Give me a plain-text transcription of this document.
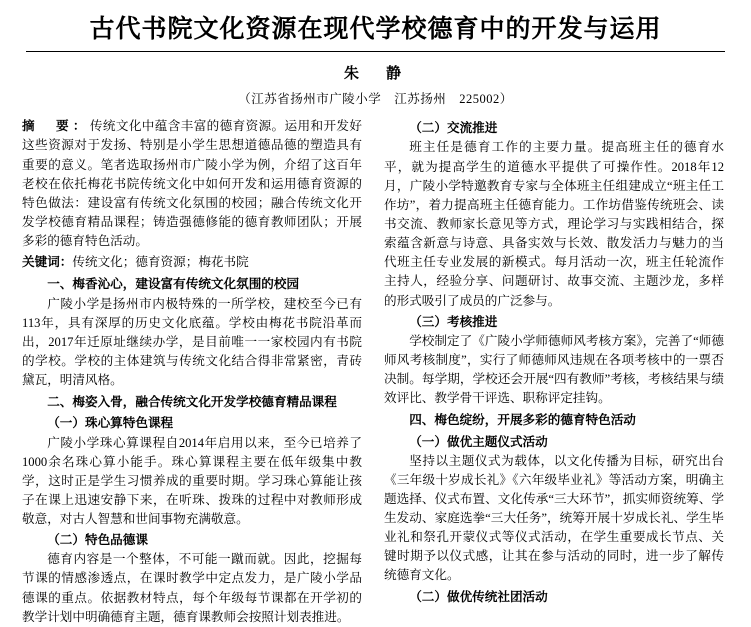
古代书院文化资源在现代学校德育中的开发与运用
朱　静
（江苏省扬州市广陵小学　江苏扬州　225002）

摘　要：传统文化中蕴含丰富的德育资源。运用和开发好这些资源对于发扬、特别是小学生思想道德品德的塑造具有重要的意义。笔者选取扬州市广陵小学为例，介绍了这百年老校在依托梅花书院传统文化中如何开发和运用德育资源的特色做法：建设富有传统文化氛围的校园；融合传统文化开发学校德育精品课程；铸造强德修能的德育教师团队；开展多彩的德育特色活动。

关键词：传统文化；德育资源；梅花书院

一、梅香沁心，建设富有传统文化氛围的校园

广陵小学是扬州市内极特殊的一所学校，建校至今已有113年，具有深厚的历史文化底蕴。学校由梅花书院沿革而出，2017年迁原址继续办学，是目前唯一一家校园内有书院的学校。学校的主体建筑与传统文化结合得非常紧密，青砖黛瓦，明清风格。

二、梅姿入骨，融合传统文化开发学校德育精品课程

（一）珠心算特色课程

广陵小学珠心算课程自2014年启用以来，至今已培养了1000余名珠心算小能手。珠心算课程主要在低年级集中教学，这时正是学生习惯养成的重要时期。学习珠心算能让孩子在课上迅速安静下来，在听珠、拨珠的过程中对教师形成敬意，对古人智慧和世间事物充满敬意。

（二）特色品德课

德育内容是一个整体，不可能一蹴而就。因此，挖掘每节课的情感渗透点，在课时教学中定点发力，是广陵小学品德课的重点。依据教材特点，每个年级每节课都在开学初的教学计划中明确德育主题，德育课教师会按照计划表推进。

（二）交流推进

班主任是德育工作的主要力量。提高班主任的德育水平，就为提高学生的道德水平提供了可操作性。2018年12月，广陵小学特邀教育专家与全体班主任组建成立“班主任工作坊”，着力提高班主任德育能力。工作坊借鉴传统班会、读书交流、教师家长意见等方式，理论学习与实践相结合，探索蕴含新意与诗意、具备实效与长效、散发活力与魅力的当代班主任专业发展的新模式。每月活动一次，班主任轮流作主持人，经验分享、问题研讨、故事交流、主题沙龙，多样的形式吸引了成员的广泛参与。

（三）考核推进

学校制定了《广陵小学师德师风考核方案》，完善了“师德师风考核制度”，实行了师德师风违规在各项考核中的一票否决制。每学期，学校还会开展“四有教师”考核，考核结果与绩效评比、教学骨干评选、职称评定挂钩。

四、梅色绽纷，开展多彩的德育特色活动

（一）做优主题仪式活动

坚持以主题仪式为载体，以文化传播为目标，研究出台《三年级十岁成长礼》《六年级毕业礼》等活动方案，明确主题选择、仪式布置、文化传承“三大环节”，抓实师资统筹、学生发动、家庭选拳“三大任务”，统筹开展十岁成长礼、学生毕业礼和祭孔开蒙仪式等仪式活动，在学生重要成长节点、关键时期予以仪式感，让其在参与活动的同时，进一步了解传统德育文化。

（二）做优传统社团活动
